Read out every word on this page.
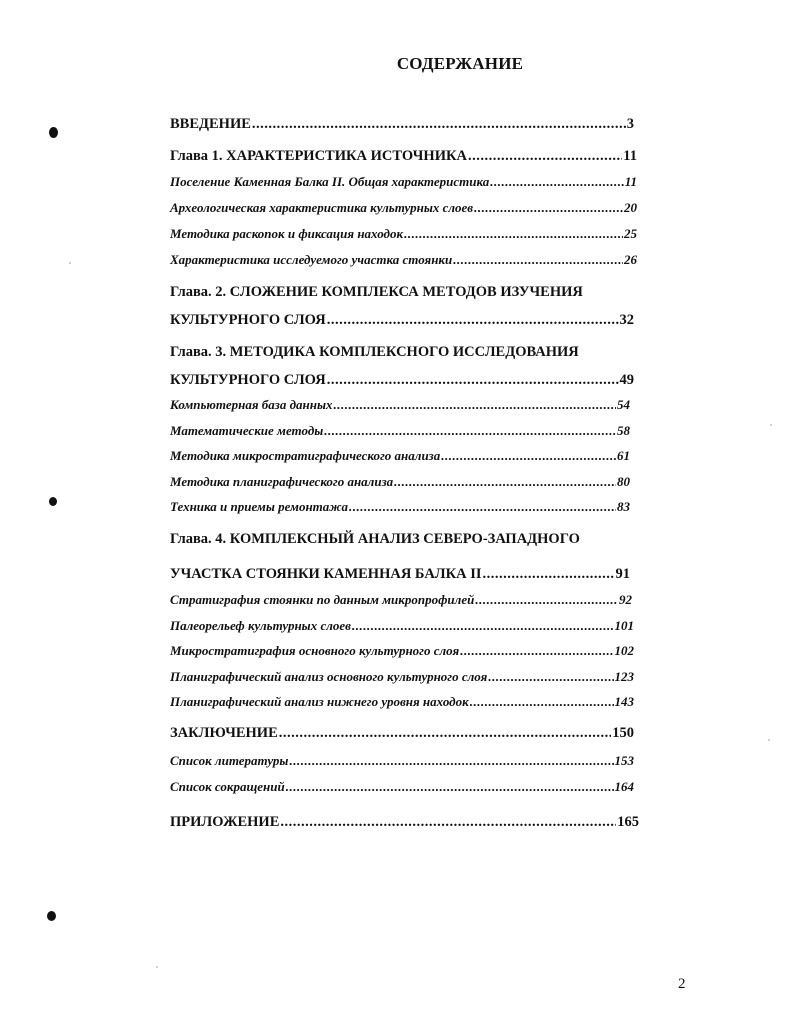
СОДЕРЖАНИЕ
ВВЕДЕНИЕ .....	3
Глава 1. ХАРАКТЕРИСТИКА ИСТОЧНИКА .....	11
Поселение Каменная Балка II. Общая характеристика .....	11
Археологическая характеристика культурных слоев .....	20
Методика раскопок и фиксация находок .....	25
Характеристика исследуемого участка стоянки .....	26
Глава. 2. СЛОЖЕНИЕ КОМПЛЕКСА МЕТОДОВ ИЗУЧЕНИЯ
КУЛЬТУРНОГО СЛОЯ .....	32
Глава. 3. МЕТОДИКА КОМПЛЕКСНОГО ИССЛЕДОВАНИЯ
КУЛЬТУРНОГО СЛОЯ .....	49
Компьютерная база данных .....	54
Математические методы .....	58
Методика микростратиграфического анализа .....	61
Методика планиграфического анализа .....	80
Техника и приемы ремонтажа .....	83
Глава. 4. КОМПЛЕКСНЫЙ АНАЛИЗ СЕВЕРО-ЗАПАДНОГО
УЧАСТКА СТОЯНКИ КАМЕННАЯ БАЛКА II .....	91
Стратиграфия стоянки по данным микропрофилей .....	92
Палеорельеф культурных слоев .....	101
Микростратиграфия основного культурного слоя .....	102
Планиграфический анализ основного культурного слоя .....	123
Планиграфический анализ нижнего уровня находок .....	143
ЗАКЛЮЧЕНИЕ .....	150
Список литературы .....	153
Список сокращений .....	164
ПРИЛОЖЕНИЕ .....	165
2
